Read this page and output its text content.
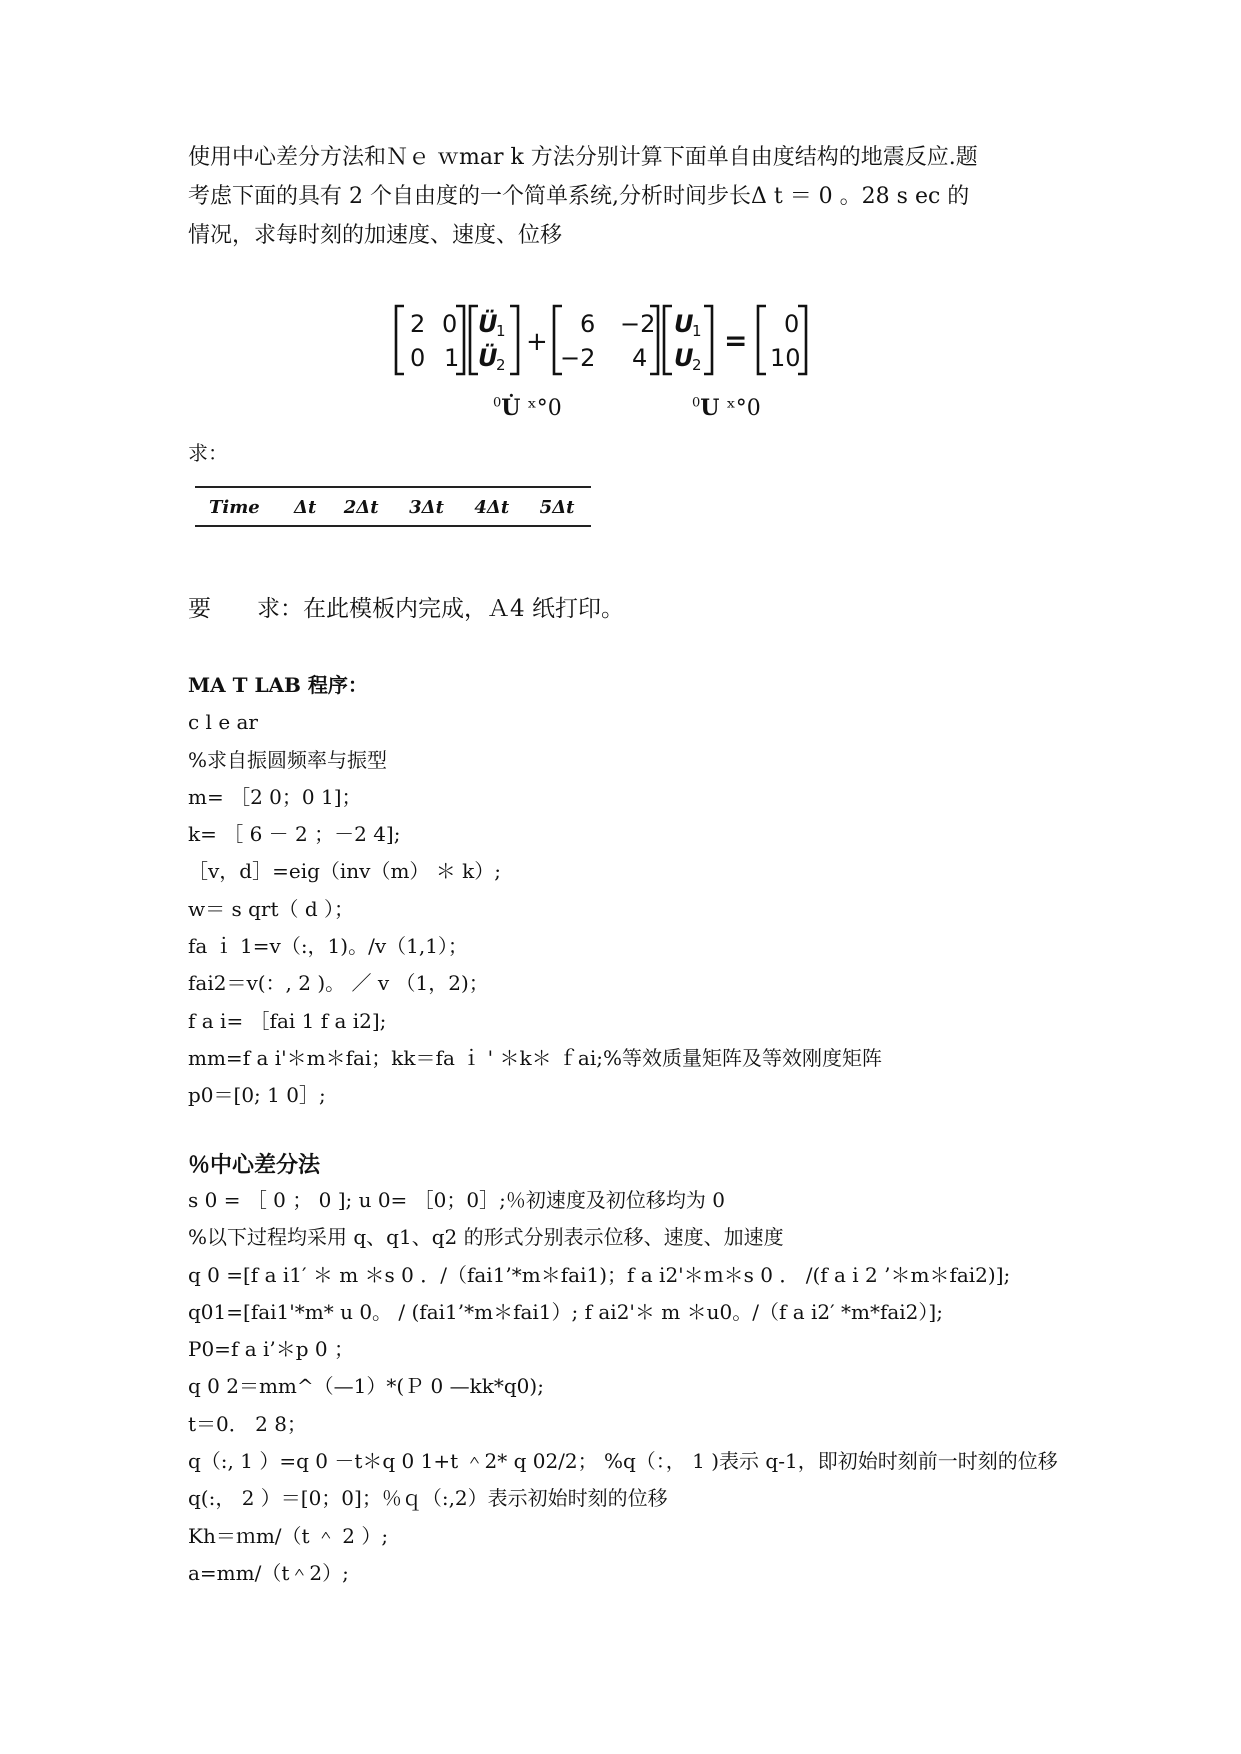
使用中心差分方法和Ｎｅ ｗmar k 方法分别计算下面单自由度结构的地震反应.题
考虑下面的具有 2 个自由度的一个简单系统,分析时间步长Δ t ＝ 0 。28 s ec 的
情况，求每时刻的加速度、速度、位移
2 0
0 1
Ü
1
Ü
2
+
6 −2
−2 4
U
1
U
2
= 0
10
$^0$U̇ ˣ°0	$^0$U ˣ°0
求：
Time	Δt	2Δt	3Δt	4Δt	5Δt
要　　求：在此模板内完成，Ａ4 纸打印。
MA T LAB 程序：
c l e ar
%求自振圆频率与振型
m= ［2 0；0 1]；
k= ［ 6 － 2 ；－2 4];
［v，d］=eig（inv（m） ＊ k）;
w＝ s qrt（ d ）；
fa ｉ 1=v（:，1)。/v（1,1）；
fai2＝v(：, 2 )。 ／ v （1，2)；
f a i= ［fai 1 f a i2];
mm=f a i'＊m＊fai；kk＝fa ｉ ' ＊k＊ ｆai;%等效质量矩阵及等效刚度矩阵
p0＝[0; 1 0］;
％中心差分法
s 0 = ［ 0 ； 0 ]; u 0= ［0；0］;％初速度及初位移均为 0
%以下过程均采用 q、q1、q2 的形式分别表示位移、速度、加速度
q 0 =[f a i1′ ＊ m ＊s 0 ．/（fai1’*m＊fai1)；f a i2'＊ｍ＊s 0 ． /(f a i 2 ’＊m＊fai2)];
q01=[fai1'*m* u 0。 / (fai1’*m＊fai1）; f ai2'＊ m ＊u0。/（f a i2′ *m*fai2）];
P0=f a i’＊p 0 ；
q 0 2＝mm^（—1）*(Ｐ 0 —kk*q0);
t＝0． 2 8；
q（:, 1 ）=q 0 －t＊q 0 1+t ＾2* q 02/2； %q（：， 1 )表示 q-1，即初始时刻前一时刻的位移
q(:， 2 ）＝[0；0]；％ｑ（:,2）表示初始时刻的位移
Kh＝ｍm/（t ＾ 2 ）;
a=mm/（t＾2）;
